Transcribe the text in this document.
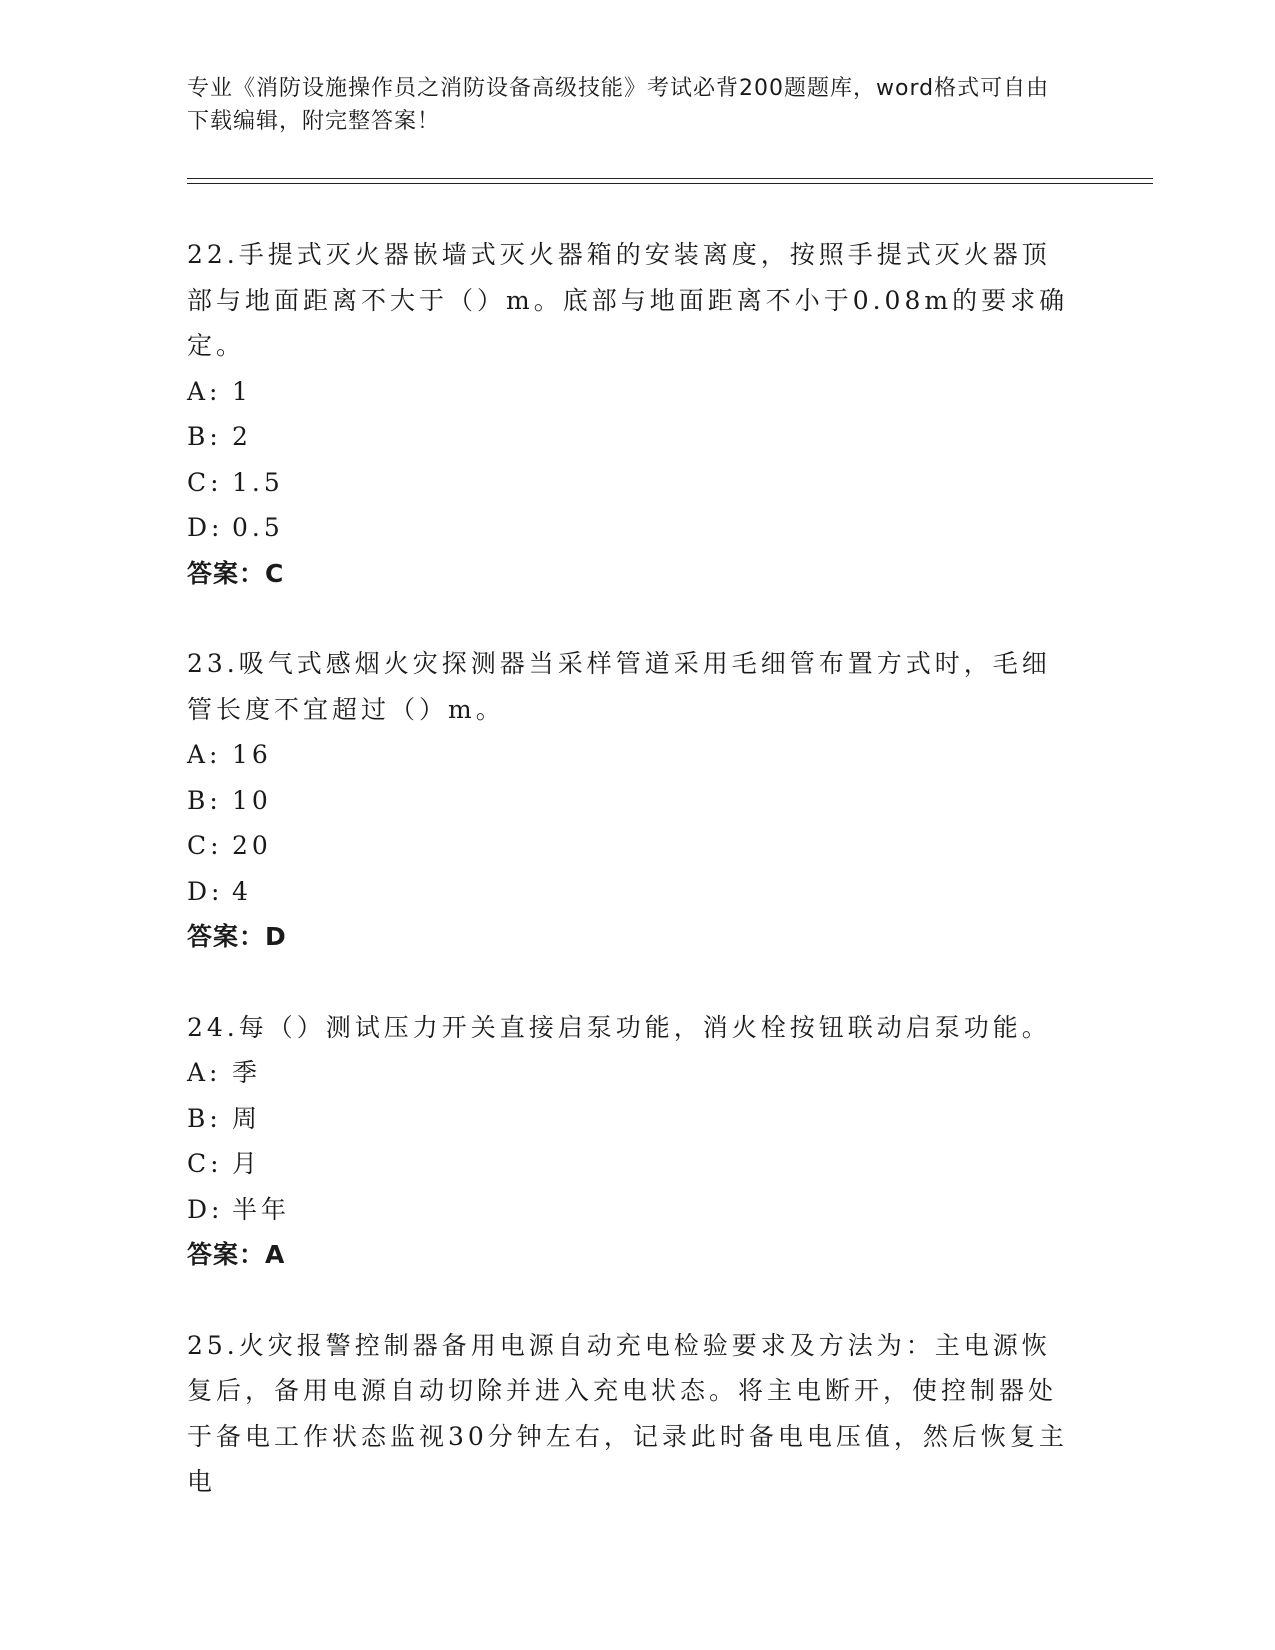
专业《消防设施操作员之消防设备高级技能》考试必背200题题库，word格式可自由下载编辑，附完整答案！

22.手提式灭火器嵌墙式灭火器箱的安装离度，按照手提式灭火器顶部与地面距离不大于（）m。底部与地面距离不小于0.08m的要求确定。

A: 1

B: 2

C: 1.5

D: 0.5

答案：C

23.吸气式感烟火灾探测器当采样管道采用毛细管布置方式时，毛细管长度不宜超过（）m。

A: 16

B: 10

C: 20

D: 4

答案：D

24.每（）测试压力开关直接启泵功能，消火栓按钮联动启泵功能。

A: 季

B: 周

C: 月

D: 半年

答案：A

25.火灾报警控制器备用电源自动充电检验要求及方法为：主电源恢复后，备用电源自动切除并进入充电状态。将主电断开，使控制器处于备电工作状态监视30分钟左右，记录此时备电电压值，然后恢复主电
